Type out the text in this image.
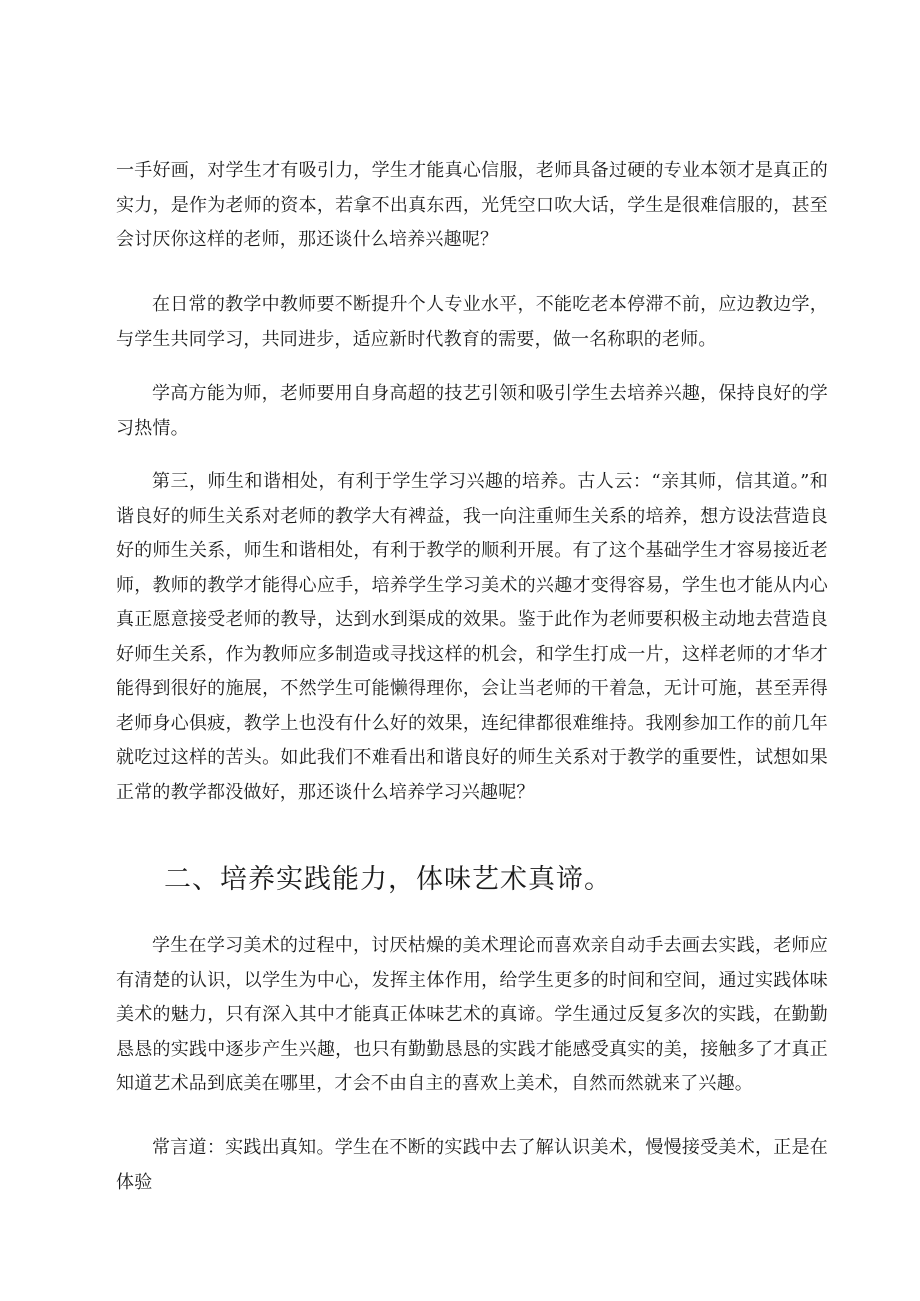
一手好画，对学生才有吸引力，学生才能真心信服，老师具备过硬的专业本领才是真正的实力，是作为老师的资本，若拿不出真东西，光凭空口吹大话，学生是很难信服的，甚至会讨厌你这样的老师，那还谈什么培养兴趣呢？

在日常的教学中教师要不断提升个人专业水平，不能吃老本停滞不前，应边教边学，与学生共同学习，共同进步，适应新时代教育的需要，做一名称职的老师。

学高方能为师，老师要用自身高超的技艺引领和吸引学生去培养兴趣，保持良好的学习热情。

第三，师生和谐相处，有利于学生学习兴趣的培养。古人云：“亲其师，信其道。”和谐良好的师生关系对老师的教学大有裨益，我一向注重师生关系的培养，想方设法营造良好的师生关系，师生和谐相处，有利于教学的顺利开展。有了这个基础学生才容易接近老师，教师的教学才能得心应手，培养学生学习美术的兴趣才变得容易，学生也才能从内心真正愿意接受老师的教导，达到水到渠成的效果。鉴于此作为老师要积极主动地去营造良好师生关系，作为教师应多制造或寻找这样的机会，和学生打成一片，这样老师的才华才能得到很好的施展，不然学生可能懒得理你，会让当老师的干着急，无计可施，甚至弄得老师身心俱疲，教学上也没有什么好的效果，连纪律都很难维持。我刚参加工作的前几年就吃过这样的苦头。如此我们不难看出和谐良好的师生关系对于教学的重要性，试想如果正常的教学都没做好，那还谈什么培养学习兴趣呢？

二、培养实践能力，体味艺术真谛。

学生在学习美术的过程中，讨厌枯燥的美术理论而喜欢亲自动手去画去实践，老师应有清楚的认识，以学生为中心，发挥主体作用，给学生更多的时间和空间，通过实践体味美术的魅力，只有深入其中才能真正体味艺术的真谛。学生通过反复多次的实践，在勤勤恳恳的实践中逐步产生兴趣，也只有勤勤恳恳的实践才能感受真实的美，接触多了才真正知道艺术品到底美在哪里，才会不由自主的喜欢上美术，自然而然就来了兴趣。

常言道：实践出真知。学生在不断的实践中去了解认识美术，慢慢接受美术，正是在体验
